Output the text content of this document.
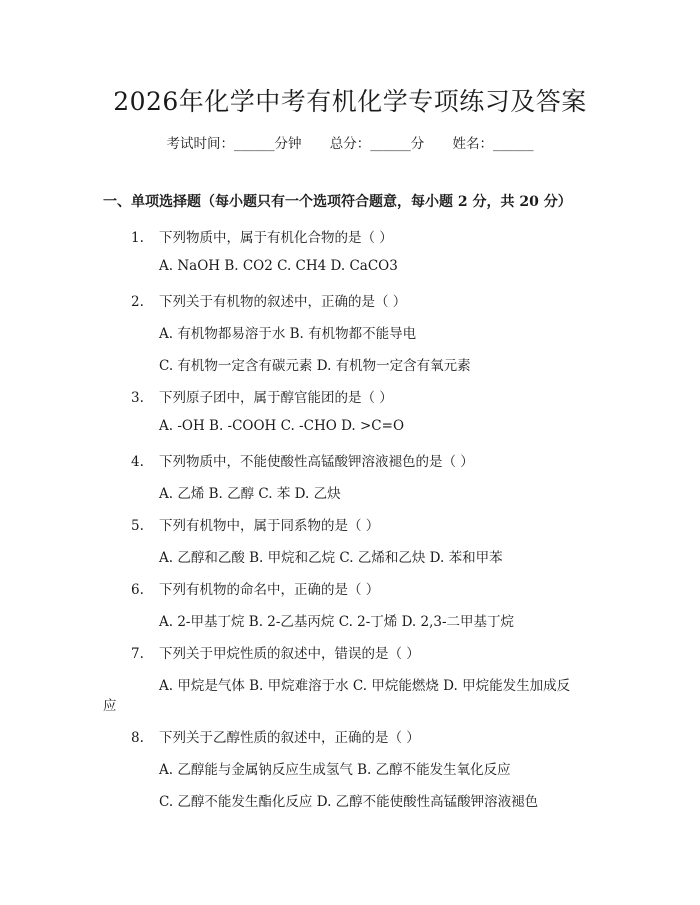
2026年化学中考有机化学专项练习及答案
考试时间：______分钟 总分：______分 姓名：______
一、单项选择题（每小题只有一个选项符合题意，每小题 2 分，共 20 分）
1. 下列物质中，属于有机化合物的是（ ）
A. NaOH B. CO2 C. CH4 D. CaCO3
2. 下列关于有机物的叙述中，正确的是（ ）
A. 有机物都易溶于水 B. 有机物都不能导电
C. 有机物一定含有碳元素 D. 有机物一定含有氧元素
3. 下列原子团中，属于醇官能团的是（ ）
A. -OH B. -COOH C. -CHO D. >C=O
4. 下列物质中，不能使酸性高锰酸钾溶液褪色的是（ ）
A. 乙烯 B. 乙醇 C. 苯 D. 乙炔
5. 下列有机物中，属于同系物的是（ ）
A. 乙醇和乙酸 B. 甲烷和乙烷 C. 乙烯和乙炔 D. 苯和甲苯
6. 下列有机物的命名中，正确的是（ ）
A. 2-甲基丁烷 B. 2-乙基丙烷 C. 2-丁烯 D. 2,3-二甲基丁烷
7. 下列关于甲烷性质的叙述中，错误的是（ ）
A. 甲烷是气体 B. 甲烷难溶于水 C. 甲烷能燃烧 D. 甲烷能发生加成反
应
8. 下列关于乙醇性质的叙述中，正确的是（ ）
A. 乙醇能与金属钠反应生成氢气 B. 乙醇不能发生氧化反应
C. 乙醇不能发生酯化反应 D. 乙醇不能使酸性高锰酸钾溶液褪色
